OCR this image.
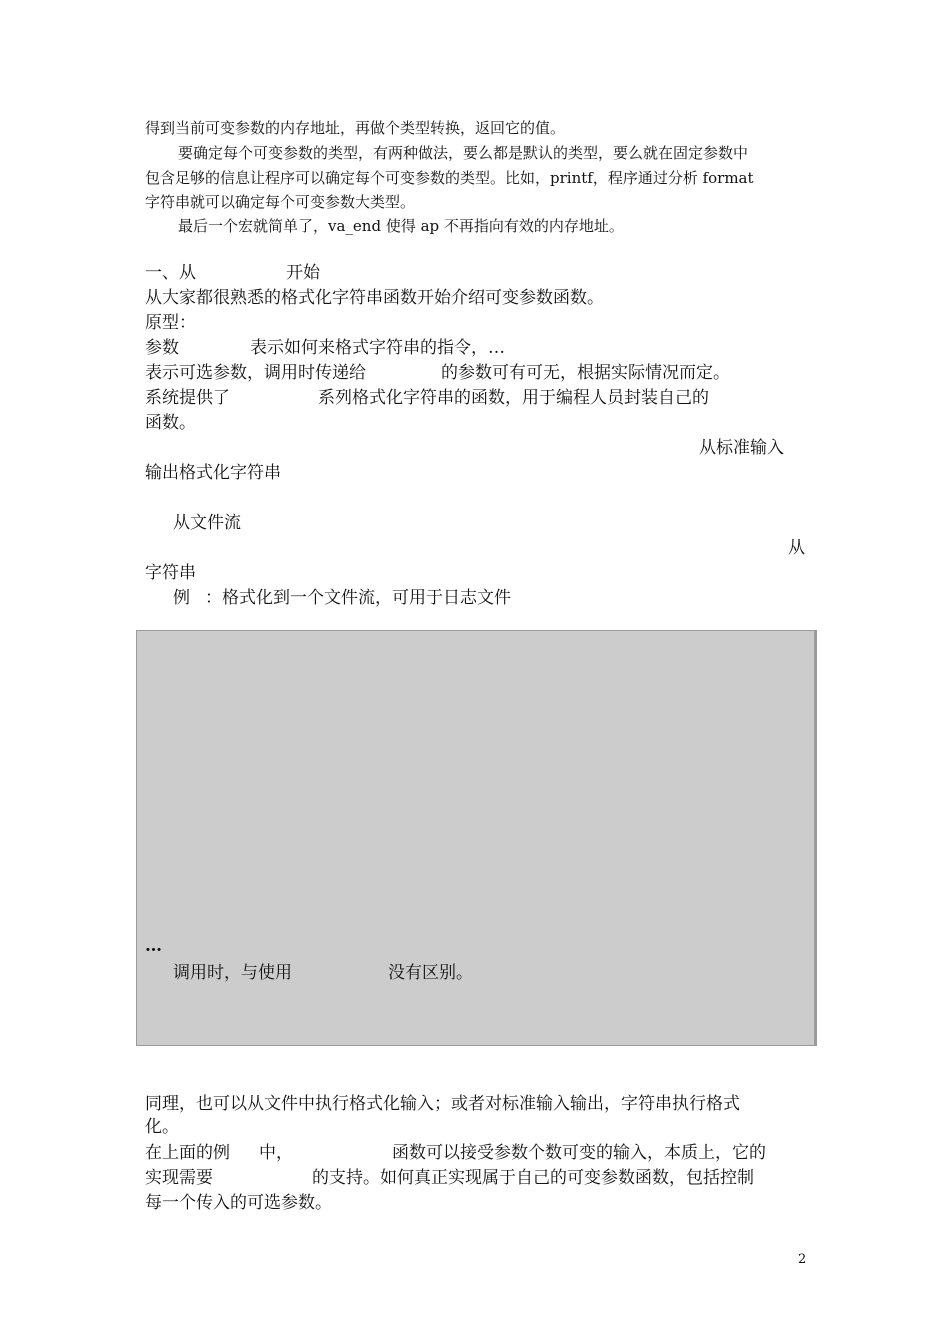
得到当前可变参数的内存地址，再做个类型转换，返回它的值。
要确定每个可变参数的类型，有两种做法，要么都是默认的类型，要么就在固定参数中
包含足够的信息让程序可以确定每个可变参数的类型。比如，printf，程序通过分析 format
字符串就可以确定每个可变参数大类型。
最后一个宏就简单了，va_end 使得 ap 不再指向有效的内存地址。
一、从	开始
从大家都很熟悉的格式化字符串函数开始介绍可变参数函数。
原型：
参数	表示如何来格式字符串的指令，…
表示可选参数，调用时传递给	的参数可有可无，根据实际情况而定。
系统提供了	系列格式化字符串的函数，用于编程人员封装自己的
函数。
从标准输入
输出格式化字符串
从文件流
从
字符串
例 ：格式化到一个文件流，可用于日志文件
…
调用时，与使用	没有区别。
同理，也可以从文件中执行格式化输入；或者对标准输入输出，字符串执行格式
化。
在上面的例 中，	函数可以接受参数个数可变的输入，本质上，它的
实现需要	的支持。如何真正实现属于自己的可变参数函数，包括控制
每一个传入的可选参数。
2
